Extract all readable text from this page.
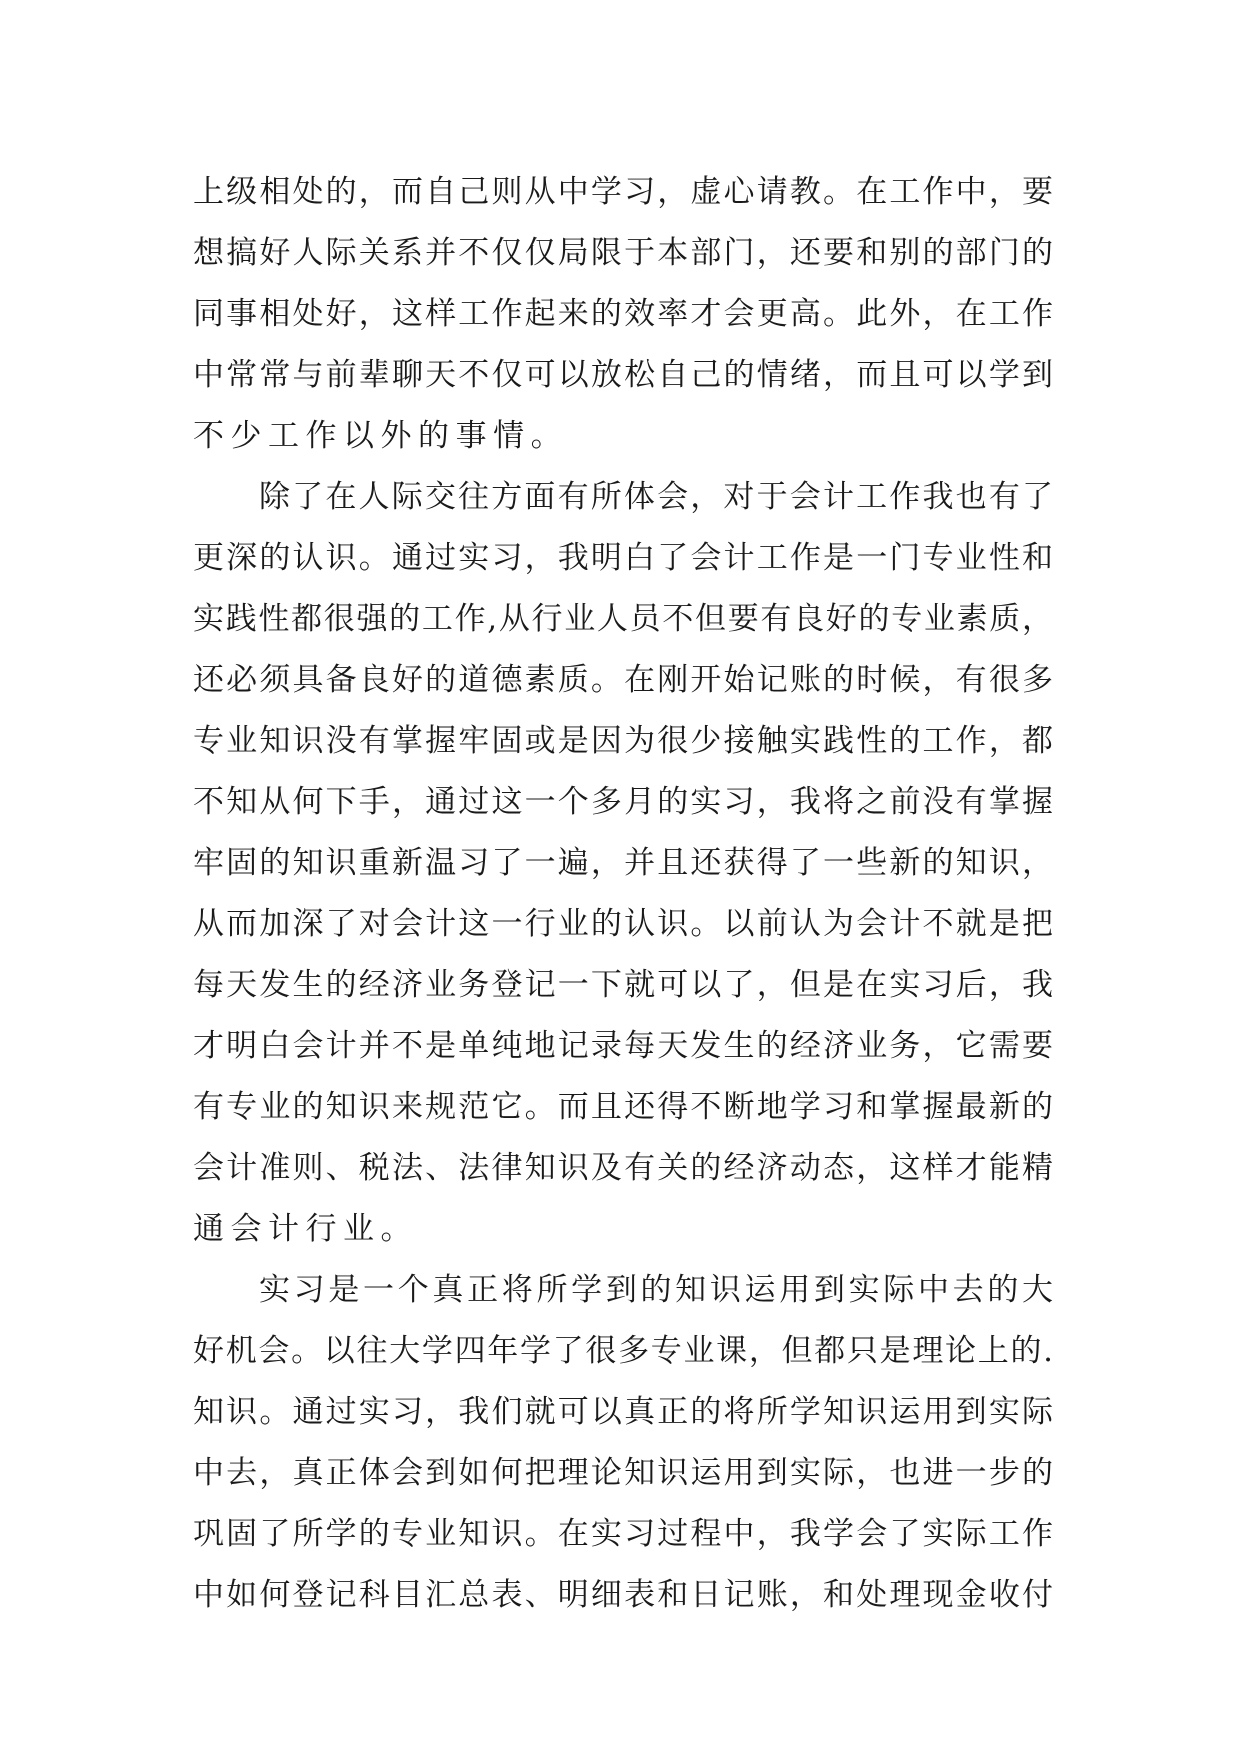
上级相处的，而自己则从中学习，虚心请教。在工作中，要
想搞好人际关系并不仅仅局限于本部门，还要和别的部门的
同事相处好，这样工作起来的效率才会更高。此外，在工作
中常常与前辈聊天不仅可以放松自己的情绪，而且可以学到
不少工作以外的事情。
除了在人际交往方面有所体会，对于会计工作我也有了
更深的认识。通过实习，我明白了会计工作是一门专业性和
实践性都很强的工作,从行业人员不但要有良好的专业素质，
还必须具备良好的道德素质。在刚开始记账的时候，有很多
专业知识没有掌握牢固或是因为很少接触实践性的工作，都
不知从何下手，通过这一个多月的实习，我将之前没有掌握
牢固的知识重新温习了一遍，并且还获得了一些新的知识，
从而加深了对会计这一行业的认识。以前认为会计不就是把
每天发生的经济业务登记一下就可以了，但是在实习后，我
才明白会计并不是单纯地记录每天发生的经济业务，它需要
有专业的知识来规范它。而且还得不断地学习和掌握最新的
会计准则、税法、法律知识及有关的经济动态，这样才能精
通会计行业。
实习是一个真正将所学到的知识运用到实际中去的大
好机会。以往大学四年学了很多专业课，但都只是理论上的.
知识。通过实习，我们就可以真正的将所学知识运用到实际
中去，真正体会到如何把理论知识运用到实际，也进一步的
巩固了所学的专业知识。在实习过程中，我学会了实际工作
中如何登记科目汇总表、明细表和日记账，和处理现金收付
